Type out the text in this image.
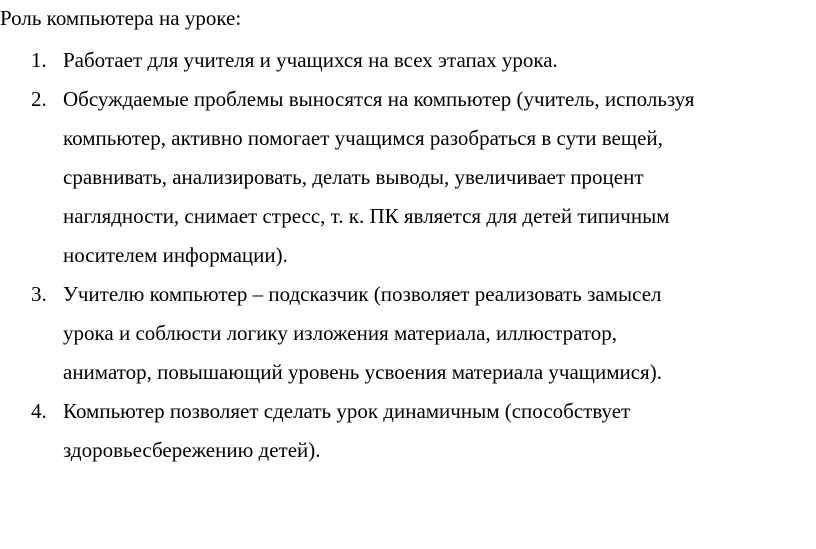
Роль компьютера на уроке:
1. Работает для учителя и учащихся на всех этапах урока.
2. Обсуждаемые проблемы выносятся на компьютер (учитель, используя
компьютер, активно помогает учащимся разобраться в сути вещей,
сравнивать, анализировать, делать выводы, увеличивает процент
наглядности, снимает стресс, т. к. ПК является для детей типичным
носителем информации).
3. Учителю компьютер – подсказчик (позволяет реализовать замысел
урока и соблюсти логику изложения материала, иллюстратор,
аниматор, повышающий уровень усвоения материала учащимися).
4. Компьютер позволяет сделать урок динамичным (способствует
здоровьесбережению детей).
